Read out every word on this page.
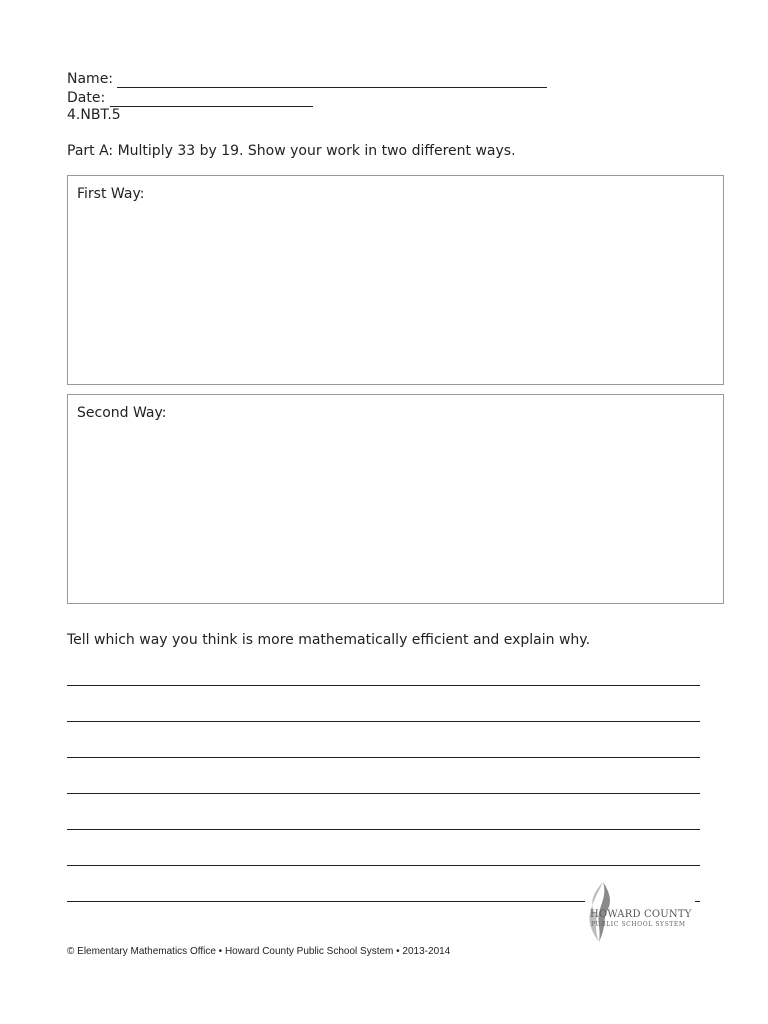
Name:
Date:
4.NBT.5
Part A: Multiply 33 by 19. Show your work in two different ways.
First Way:
Second Way:
Tell which way you think is more mathematically efficient and explain why.
HOWARD COUNTY
PUBLIC SCHOOL SYSTEM
© Elementary Mathematics Office • Howard County Public School System • 2013-2014
